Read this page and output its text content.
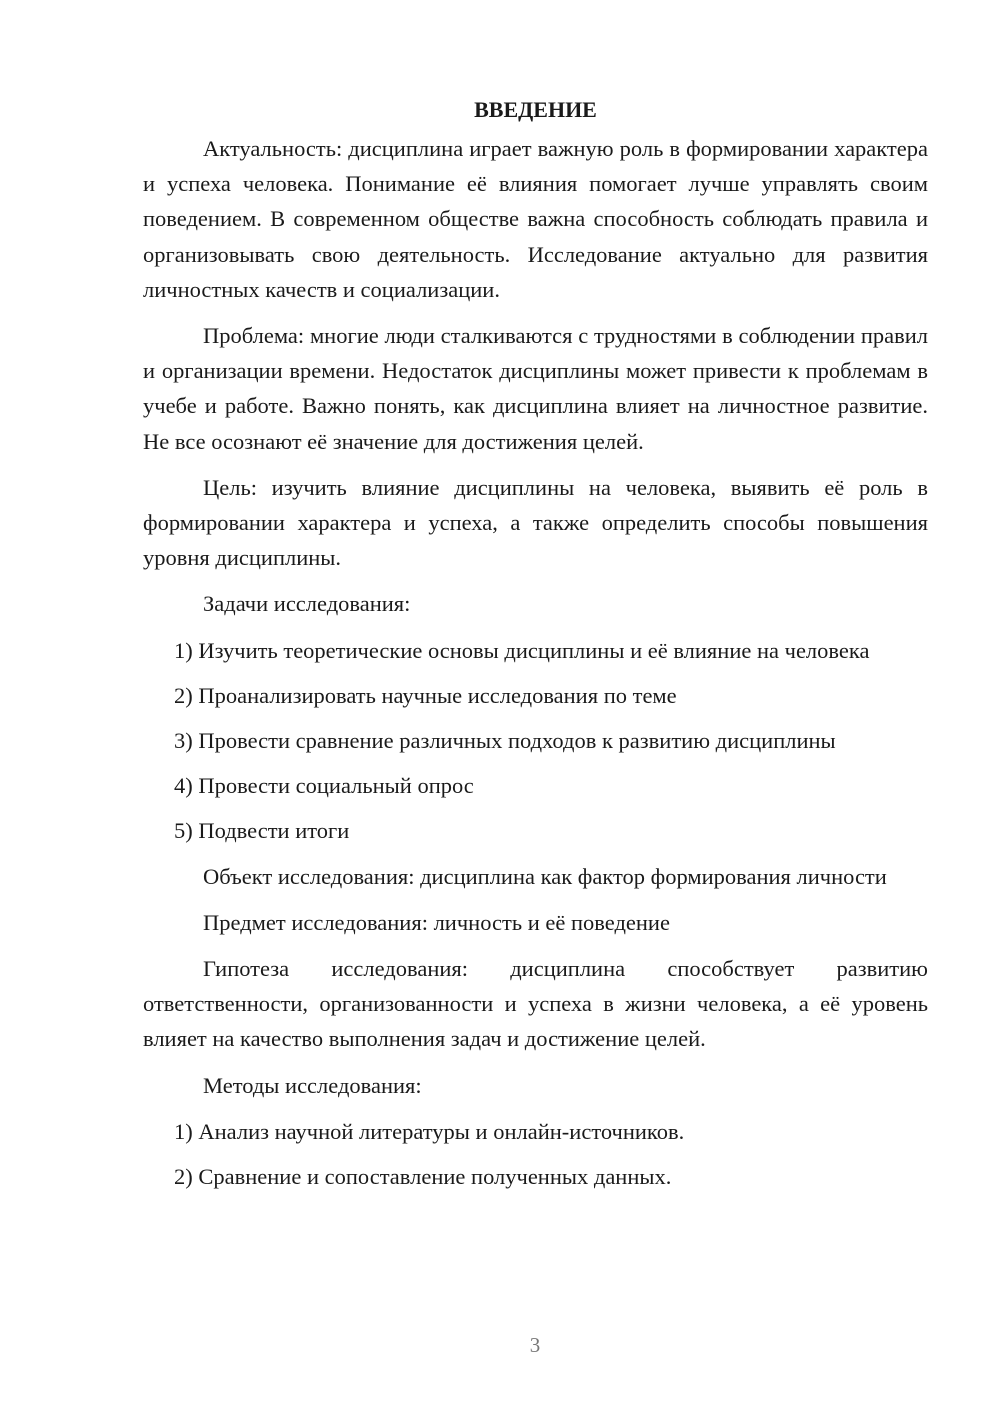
ВВЕДЕНИЕ

Актуальность: дисциплина играет важную роль в формировании характера и успеха человека. Понимание её влияния помогает лучше управлять своим поведением. В современном обществе важна способность соблюдать правила и организовывать свою деятельность. Исследование актуально для развития личностных качеств и социализации.

Проблема: многие люди сталкиваются с трудностями в соблюдении правил и организации времени. Недостаток дисциплины может привести к проблемам в учебе и работе. Важно понять, как дисциплина влияет на личностное развитие. Не все осознают её значение для достижения целей.

Цель: изучить влияние дисциплины на человека, выявить её роль в формировании характера и успеха, а также определить способы повышения уровня дисциплины.

Задачи исследования:

1) Изучить теоретические основы дисциплины и её влияние на человека

2) Проанализировать научные исследования по теме

3) Провести сравнение различных подходов к развитию дисциплины

4) Провести социальный опрос

5) Подвести итоги

Объект исследования: дисциплина как фактор формирования личности

Предмет исследования: личность и её поведение

Гипотеза исследования: дисциплина способствует развитию ответственности, организованности и успеха в жизни человека, а её уровень влияет на качество выполнения задач и достижение целей.

Методы исследования:

1) Анализ научной литературы и онлайн-источников.

2) Сравнение и сопоставление полученных данных.

3
